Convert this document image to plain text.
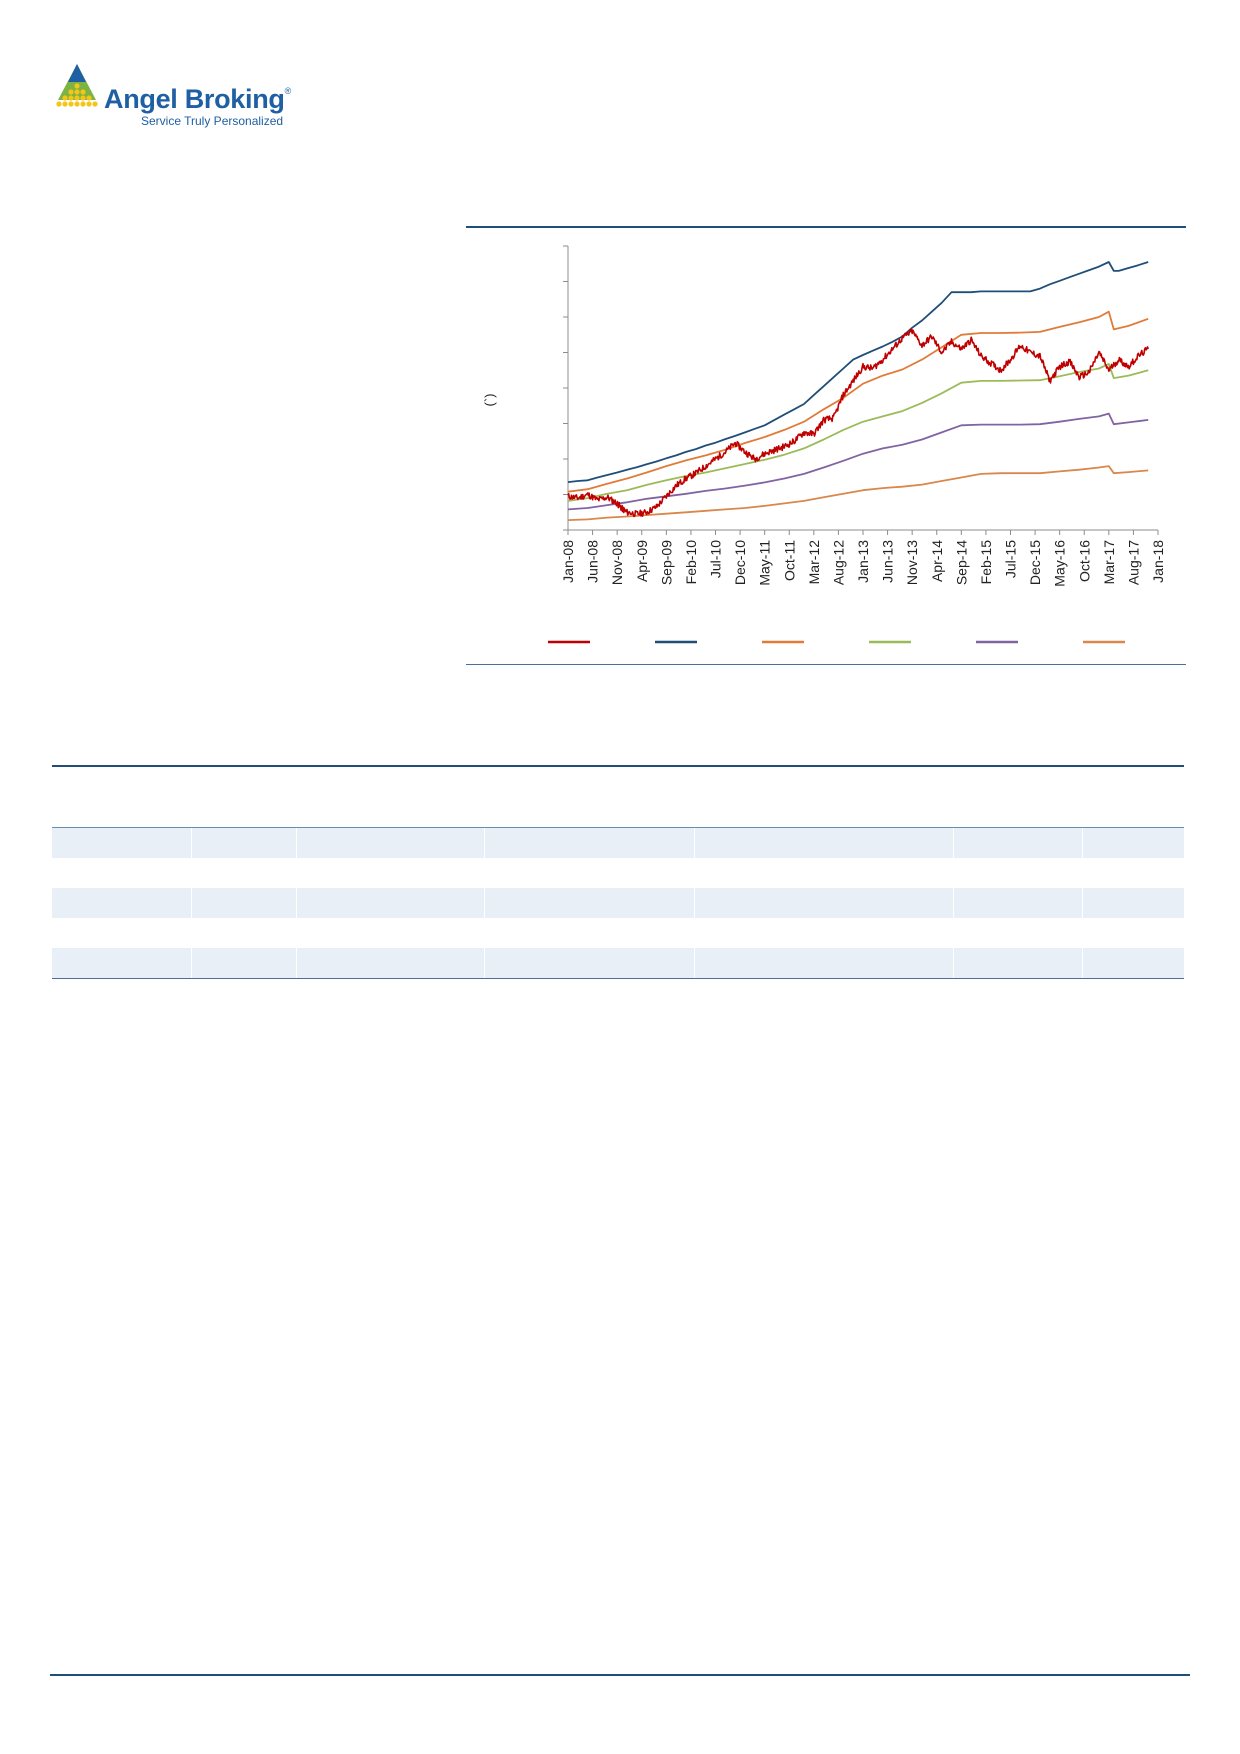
Angel Broking®
Service Truly Personalized
Jan-08 Jun-08 Nov-08 Apr-09 Sep-09 Feb-10 Jul-10 Dec-10 May-11 Oct-11 Mar-12 Aug-12 Jan-13 Jun-13 Nov-13 Apr-14 Sep-14 Feb-15 Jul-15 Dec-15 May-16 Oct-16 Mar-17 Aug-17 Jan-18
(`)
